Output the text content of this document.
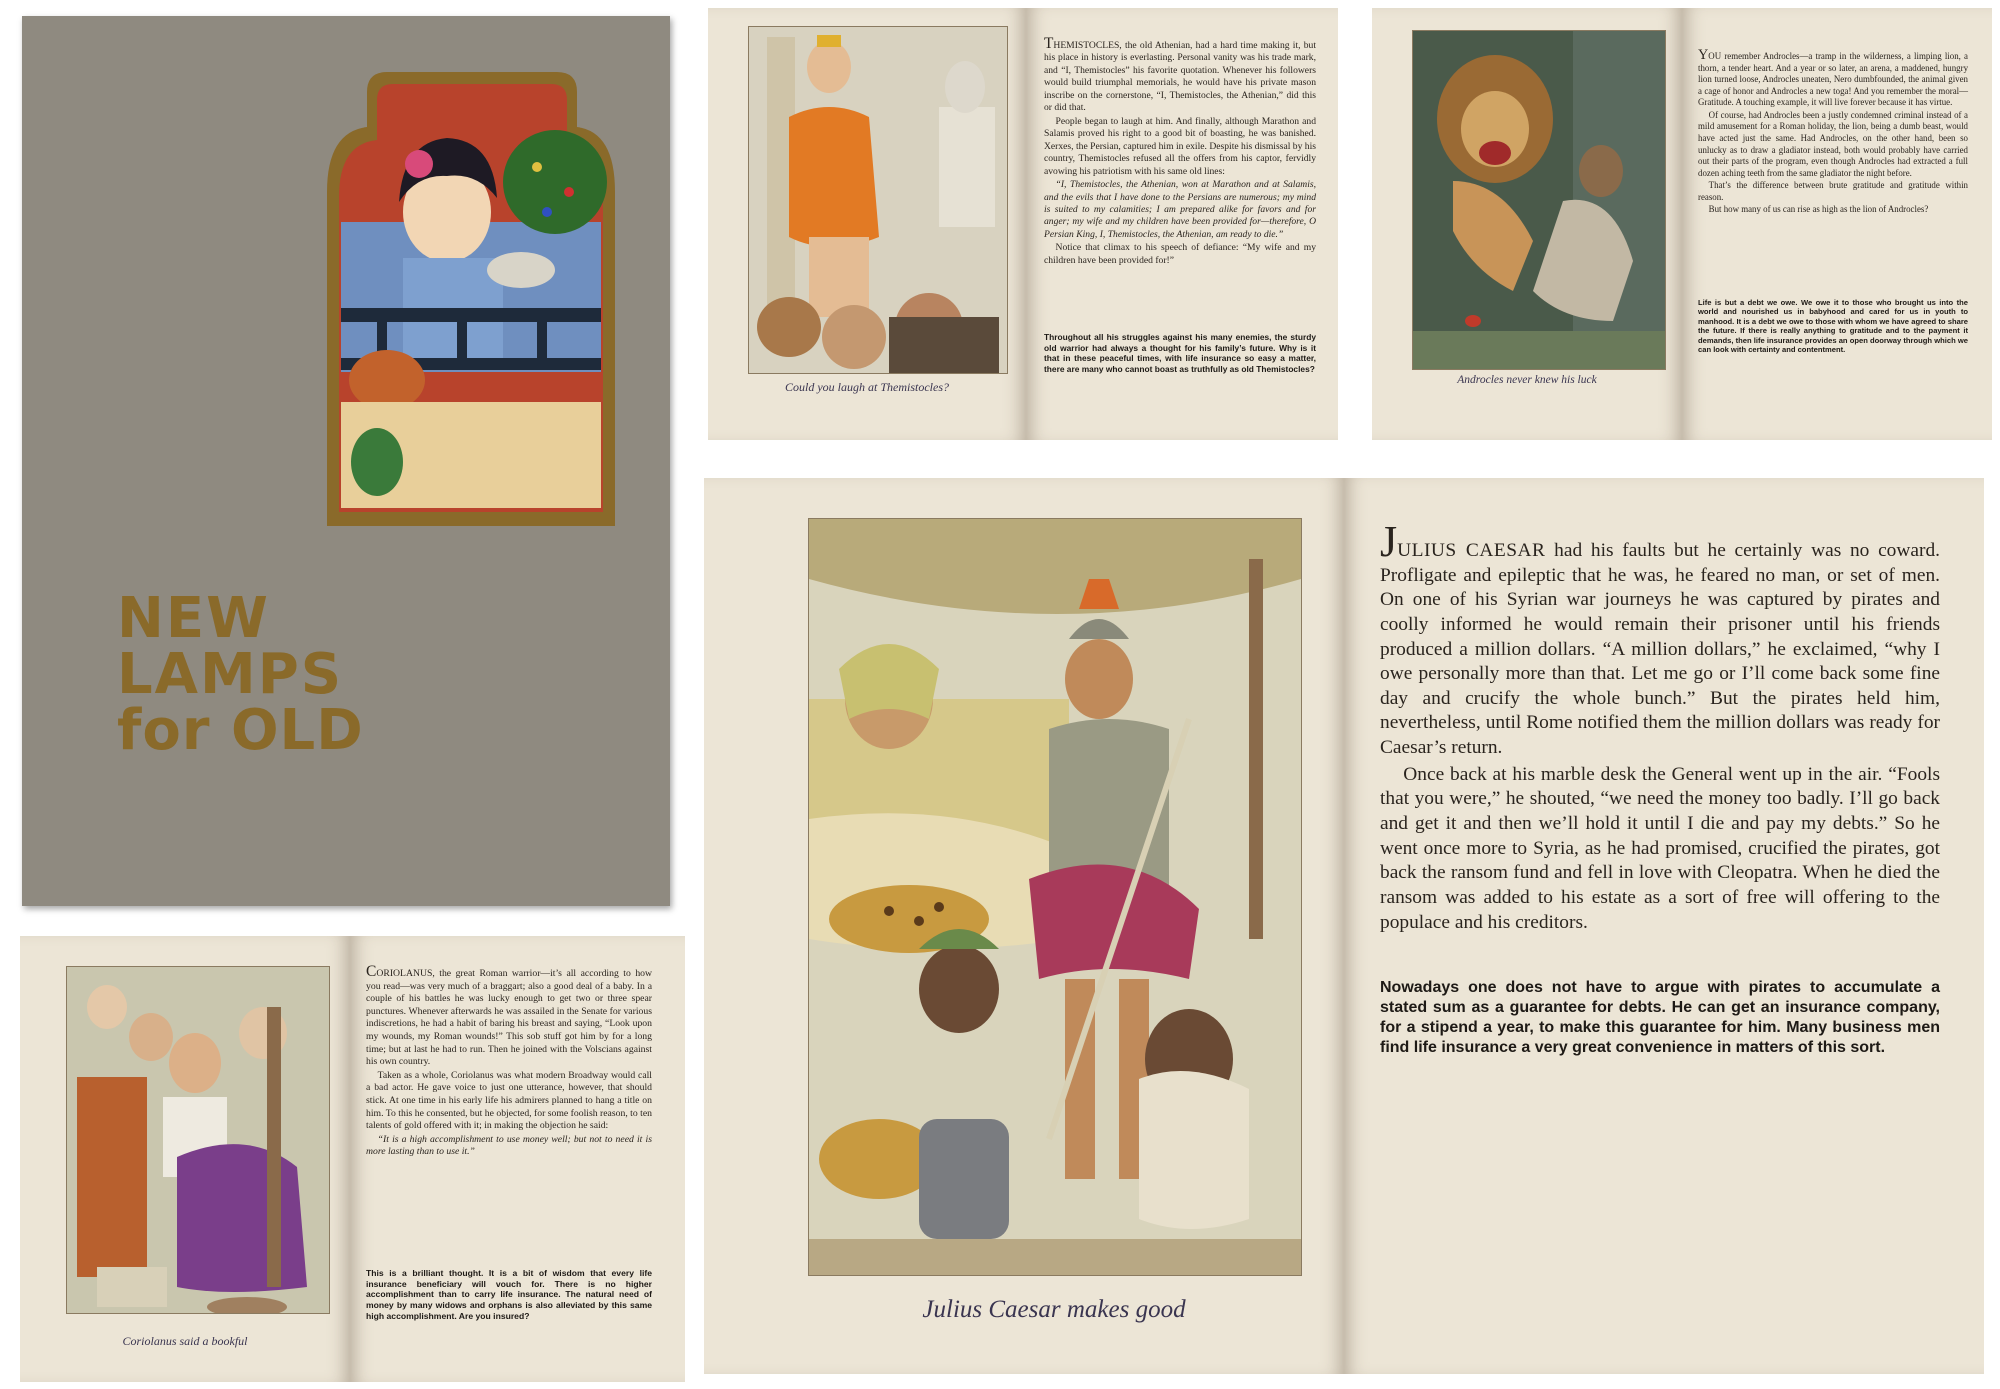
NEW
LAMPS
for OLD
Could you laugh at Themistocles?

THEMISTOCLES, the old Athenian, had a hard time making it, but his place in history is everlasting. Personal vanity was his trade mark, and “I, Themistocles” his favorite quotation. Whenever his followers would build triumphal memorials, he would have his private mason inscribe on the cornerstone, “I, Themistocles, the Athenian,” did this or did that.

People began to laugh at him. And finally, although Marathon and Salamis proved his right to a good bit of boasting, he was banished. Xerxes, the Persian, captured him in exile. Despite his dismissal by his country, Themistocles refused all the offers from his captor, fervidly avowing his patriotism with his same old lines:

“I, Themistocles, the Athenian, won at Marathon and at Salamis, and the evils that I have done to the Persians are numerous; my mind is suited to my calamities; I am prepared alike for favors and for anger; my wife and my children have been provided for—therefore, O Persian King, I, Themistocles, the Athenian, am ready to die.”

Notice that climax to his speech of defiance: “My wife and my children have been provided for!”

Throughout all his struggles against his many enemies, the sturdy old warrior had always a thought for his family’s future. Why is it that in these peaceful times, with life insurance so easy a matter, there are many who cannot boast as truthfully as old Themistocles?
Androcles never knew his luck

YOU remember Androcles—a tramp in the wilderness, a limping lion, a thorn, a tender heart. And a year or so later, an arena, a maddened, hungry lion turned loose, Androcles uneaten, Nero dumbfounded, the animal given a cage of honor and Androcles a new toga! And you remember the moral—Gratitude. A touching example, it will live forever because it has virtue.

Of course, had Androcles been a justly condemned criminal instead of a mild amusement for a Roman holiday, the lion, being a dumb beast, would have acted just the same. Had Androcles, on the other hand, been so unlucky as to draw a gladiator instead, both would probably have carried out their parts of the program, even though Androcles had extracted a full dozen aching teeth from the same gladiator the night before.

That’s the difference between brute gratitude and gratitude within reason.

But how many of us can rise as high as the lion of Androcles?

Life is but a debt we owe. We owe it to those who brought us into the world and nourished us in babyhood and cared for us in youth to manhood. It is a debt we owe to those with whom we have agreed to share the future. If there is really anything to gratitude and to the payment it demands, then life insurance provides an open doorway through which we can look with certainty and contentment.
Coriolanus said a bookful

CORIOLANUS, the great Roman warrior—it’s all according to how you read—was very much of a braggart; also a good deal of a baby. In a couple of his battles he was lucky enough to get two or three spear punctures. Whenever afterwards he was assailed in the Senate for various indiscretions, he had a habit of baring his breast and saying, “Look upon my wounds, my Roman wounds!” This sob stuff got him by for a long time; but at last he had to run. Then he joined with the Volscians against his own country.

Taken as a whole, Coriolanus was what modern Broadway would call a bad actor. He gave voice to just one utterance, however, that should stick. At one time in his early life his admirers planned to hang a title on him. To this he consented, but he objected, for some foolish reason, to ten talents of gold offered with it; in making the objection he said:

“It is a high accomplishment to use money well; but not to need it is more lasting than to use it.”

This is a brilliant thought. It is a bit of wisdom that every life insurance beneficiary will vouch for. There is no higher accomplishment than to carry life insurance. The natural need of money by many widows and orphans is also alleviated by this same high accomplishment. Are you insured?	Julius Caesar makes good

JULIUS CAESAR had his faults but he certainly was no coward. Profligate and epileptic that he was, he feared no man, or set of men. On one of his Syrian war journeys he was captured by pirates and coolly informed he would remain their prisoner until his friends produced a million dollars. “A million dollars,” he exclaimed, “why I owe personally more than that. Let me go or I’ll come back some fine day and crucify the whole bunch.” But the pirates held him, nevertheless, until Rome notified them the million dollars was ready for Caesar’s return.

Once back at his marble desk the General went up in the air. “Fools that you were,” he shouted, “we need the money too badly. I’ll go back and get it and then we’ll hold it until I die and pay my debts.” So he went once more to Syria, as he had promised, crucified the pirates, got back the ransom fund and fell in love with Cleopatra. When he died the ransom was added to his estate as a sort of free will offering to the populace and his creditors.

Nowadays one does not have to argue with pirates to accumulate a stated sum as a guarantee for debts. He can get an insurance company, for a stipend a year, to make this guarantee for him. Many business men find life insurance a very great convenience in matters of this sort.
